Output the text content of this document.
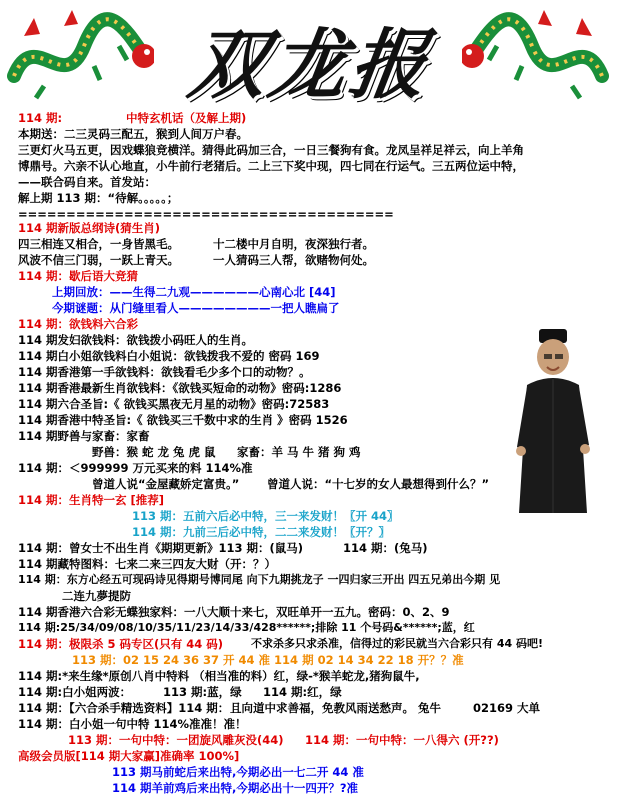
双龙报
114 期:	中特玄机话（及解上期)
本期送：二三灵码三配五，猴到人间万户春。
三更灯火马五更，因戏蝶狼竞横洋。猜得此码加三合，一日三餐狗有食。龙凤呈祥足祥云，向上羊角
博鼎号。六亲不认心地直，小牛前行老猪后。二上三下奖中现，四七同在行运气。三五两位运中特，
——联合码自来。首发站：
解上期 113 期：“待解。。。。。；
=======================================
114 期新版总纲诗(猜生肖)
四三相连又相合，一身皆黑毛。	十二楼中月自明，夜深独行者。
风波不信三门弱，一跃上青天。	一人猜码三人帮，欲赌物何处。
114 期：歇后语大竞猜
上期回放：——生得二九观——————心南心北 [44]
今期谜题：从门缝里看人————————一把人瞧扁了
114 期：欲钱料六合彩
114 期发妇欲钱料：欲钱拨小码旺人的生肖。
114 期白小姐欲钱料白小姐说：欲钱拨我不爱的 密码 169
114 期香港第一手欲钱料：欲钱看毛少多个口的动物？。
114 期香港最新生肖欲钱料：《欲钱买短命的动物》密码:1286
114 期六合圣旨:《 欲钱买黑夜无月星的动物》密码:72583
114 期香港中特圣旨:《 欲钱买三千数中求的生肖 》密码 1526
114 期野兽与家畜：家畜
野兽：猴 蛇 龙 兔 虎 鼠 家畜：羊 马 牛 猪 狗 鸡
114 期：＜999999 万元买来的料 114%准
曾道人说“金屋藏娇定富贵。” 曾道人说：“十七岁的女人最想得到什么？”
114 期：生肖特一玄 [推荐]
113 期：五前六后必中特，三一来发财！〖开 44〗
114 期：九前三后必中特，二二来发财！〖开？〗
114 期：曾女士不出生肖《期期更新》113 期：(鼠马)	114 期：(兔马)
114 期藏特图料：七来二来三四友大财（开：？）
114 期：东方心经五可现码诗见得期号博同尾 向下九期挑龙子 一四归家三开出 四五兄弟出今期 见
二连九夢提防
114 期香港六合彩无蝶独家料：一八大顺十来七，双旺单开一五九。密码：0、2、9
114 期:25/34/09/08/10/35/11/23/14/33/428******;排除 11 个号码&******;蓝，红
114 期：极限杀 5 码专区(只有 44 码)	不求杀多只求杀准，信得过的彩民就当六合彩只有 44 码吧!
113 期：02 15 24 36 37 开 44 准 114 期 02 14 34 22 18 开？？准
114 期:*来生缘*原创八肖中特料 （相当准的料）红，绿-*猴羊蛇龙,猪狗鼠牛,
114 期:白小姐两波：	113 期:蓝，绿 114 期:红，绿
114 期：【六合杀手精选资料】114 期： 且向道中求善福，免教风雨送愁声。 兔牛	02169 大单
114 期：白小姐一句中特 114%准准！准！
113 期：一句中特：一团旋风雕灰没(44) 114 期：一句中特：一八得六 (开??)
高级会员版[114 期大家赢]准确率 100%]
113 期马前蛇后来出特,今期必出一七二开 44 准
114 期羊前鸡后来出特,今期必出十一四开？?准
